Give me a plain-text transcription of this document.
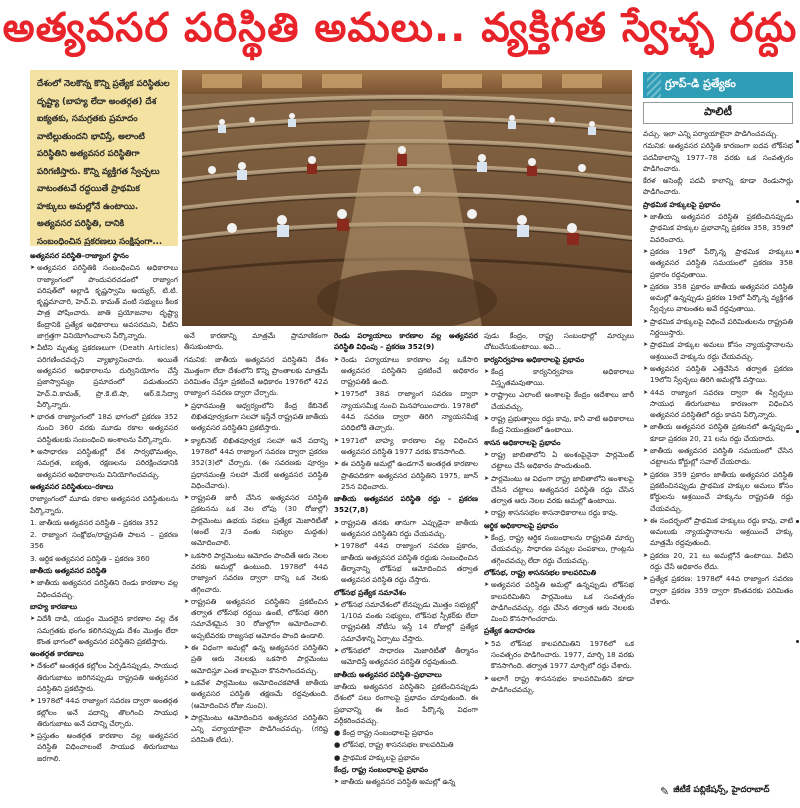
అత్యవసర పరిస్థితి అమలు.. వ్యక్తిగత స్వేచ్ఛ రద్దు
దేశంలో నెలకొన్న కొన్ని ప్రత్యేక పరిస్థితుల దృష్ట్యా (బాహ్య లేదా అంతర్గత) దేశ ఐక్యతకు, సమగ్రతకు ప్రమాదం వాటిల్లుతుందని భావిస్తే, అలాంటి పరిస్థితిని అత్యవసర పరిస్థితిగా పరిగణిస్తారు. కొన్ని వ్యక్తిగత స్వేచ్ఛలు వాటంతటవే రద్దయితే ప్రాథమిక హక్కులు అమల్లోనే ఉంటాయి. అత్యవసర పరిస్థితి, దానికి సంబంధించిన ప్రకరణలు సంక్షిప్తంగా...
గ్రూప్‌-డి ప్రత్యేకం
పాలిటీ

అత్యవసర పరిస్థితి–రాజ్యాంగ స్థానం

➤ అత్యవసర పరిస్థితికి సంబంధించిన అధికారాలు రాజ్యాంగంలో పొందుపరచడంలో రాజ్యాంగ పరిషత్‌లో అల్లాడి కృష్ణస్వామి అయ్యర్‌, టి.టి. కృష్ణమాచారి, హెచ్‌.వి. కామత్‌ వంటి సభ్యులు కీలక పాత్ర పోషించారు. జాతి ప్రయోజనాల దృష్ట్యా కేంద్రానికి ప్రత్యేక అధికారాలు అవసరమని, వీటిని జాగ్రత్తగా వినియోగించాలని పేర్కొన్నారు.

➤ వీటిని మృత్యు ప్రకరణలుగా (Death Articles) పరిగణించవచ్చని వ్యాఖ్యానించారు. అయితే అత్యవసర అధికారాలను దుర్వినియోగం చేస్తే ప్రజాస్వామ్యం ప్రమాదంలో పడుతుందని హెచ్‌.వి.కామత్‌, ప్రొ.కె.టి.షా, ఆర్‌.కె.సిద్వా పేర్కొన్నారు.

➤ భారత రాజ్యాంగంలో 18వ భాగంలో ప్రకరణ 352 నుంచి 360 వరకు మూడు రకాల అత్యవసర పరిస్థితులకు సంబంధించి అంశాలను పేర్కొన్నారు.

➤ అసాధారణ పరిస్థితుల్లో దేశ సార్వభౌమత్వం, సమగ్రత, ఐక్యత, రక్షణలను పరిరక్షించడానికి అత్యవసర అధికారాలను వినియోగించవచ్చు.

అత్యవసర పరిస్థితులు–రకాలు

రాజ్యాంగంలో మూడు రకాల అత్యవసర పరిస్థితులను పేర్కొన్నారు.

1. జాతీయ అత్యవసర పరిస్థితి – ప్రకరణ 352

2. రాజ్యాంగ సంక్షోభం/రాష్ట్రపతి పాలన – ప్రకరణ 356

3. ఆర్థిక అత్యవసర పరిస్థితి – ప్రకరణ 360

జాతీయ అత్యవసర పరిస్థితి

➤ జాతీయ అత్యవసర పరిస్థితిని రెండు కారణాల వల్ల విధించవచ్చు.

బాహ్య కారణాలు

➤ విదేశీ దాడి, యుద్ధం మొదలైన కారణాల వల్ల దేశ సమగ్రతకు భంగం కలిగినప్పుడు దేశం మొత్తం లేదా కొంత భాగంలో అత్యవసర పరిస్థితిని ప్రకటిస్తారు.

అంతర్గత కారణాలు

➤ దేశంలో అంతర్గత కల్లోలం ఏర్పడినప్పుడు, సాయుధ తిరుగుబాటు జరిగినప్పుడు రాష్ట్రపతి అత్యవసర పరిస్థితిని ప్రకటిస్తారు.

➤ 1978లో 44వ రాజ్యాంగ సవరణ ద్వారా అంతర్గత కల్లోలం అనే పదాన్ని తొలగించి సాయుధ తిరుగుబాటు అనే పదాన్ని చేర్చారు.

➤ ప్రస్తుతం అంతర్గత కారణాల వల్ల అత్యవసర పరిస్థితి విధించాలంటే సాయుధ తిరుగుబాటు జరగాలి.

అనే కారణాన్ని మాత్రమే ప్రామాణికంగా తీసుకుంటారు.

గమనిక: జాతీయ అత్యవసర పరిస్థితిని దేశం మొత్తంగా లేదా దేశంలోని కొన్ని ప్రాంతాలకు మాత్రమే పరిమితం చేస్తూ ప్రకటించే అధికారం 1976లో 42వ రాజ్యాంగ సవరణ ద్వారా చేర్చారు.

➤ ప్రధానమంత్రి ఆధ్వర్యంలోని కేంద్ర కేబినెట్‌ లిఖితపూర్వకంగా సలహా ఇస్తేనే రాష్ట్రపతి జాతీయ అత్యవసర పరిస్థితిని ప్రకటిస్తారు.

➤ క్యాబినెట్‌ లిఖితపూర్వక సలహా అనే పదాన్ని 1978లో 44వ రాజ్యాంగ సవరణ ద్వారా ప్రకరణ 352(3)లో చేర్చారు. (ఈ సవరణకు పూర్వం ప్రధానమంత్రి సలహా మేరకే అత్యవసర పరిస్థితి విధించేవారు).

➤ రాష్ట్రపతి జారీ చేసిన అత్యవసర పరిస్థితి ప్రకటనను ఒక నెల లోపు (30 రోజుల్లో) పార్లమెంటు ఉభయ సభలు ప్రత్యేక మెజారిటీతో (అంటే 2/3 వంతు సభ్యుల మద్దతు) ఆమోదించాలి.

➤ ఒకసారి పార్లమెంటు ఆమోదం పొందితే ఆరు నెలల వరకు అమల్లో ఉంటుంది. 1978లో 44వ రాజ్యాంగ సవరణ ద్వారా దాన్ని ఒక నెలకు తగ్గించారు.

➤ రాష్ట్రపతి అత్యవసర పరిస్థితిని ప్రకటించిన తర్వాత లోక్‌సభ రద్దయి ఉంటే, లోక్‌సభ తిరిగి సమావేశమైన 30 రోజుల్లోగా ఆమోదించాలి. అప్పటివరకు రాజ్యసభ ఆమోదం పొంది ఉండాలి.

➤ ఈ విధంగా అమల్లో ఉన్న అత్యవసర పరిస్థితిని ప్రతి ఆరు నెలలకు ఒకసారి పార్లమెంటు ఆమోదిస్తూ ఎంత కాలమైనా కొనసాగించవచ్చు.

➤ ఒకవేళ పార్లమెంటు ఆమోదించకపోతే జాతీయ అత్యవసర పరిస్థితి తక్షణమే రద్దవుతుంది. (ఆమోదించిన రోజు నుంచి).

➤ పార్లమెంటు ఆమోదించిన అత్యవసర పరిస్థితిని ఎన్ని పర్యాయాలైనా పొడిగించవచ్చు. (గరిష్ట పరిమితి లేదు).

రెండు పర్యాయాలు కారణాల వల్ల అత్యవసర పరిస్థితి విధింపు – ప్రకరణ 352(9)

➤ రెండు పర్యాయాలు కారణాల వల్ల ఒకేసారి అత్యవసర పరిస్థితిని ప్రకటించే అధికారం రాష్ట్రపతికి ఉంది.

➤ 1975లో 38వ రాజ్యాంగ సవరణ ద్వారా న్యాయసమీక్ష నుంచి మినహాయించారు. 1978లో 44వ సవరణ ద్వారా తిరిగి న్యాయసమీక్ష పరిధిలోకి తెచ్చారు.

➤ 1971లో బాహ్య కారణాల వల్ల విధించిన అత్యవసర పరిస్థితి 1977 వరకు కొనసాగింది.

➤ ఈ పరిస్థితి అమల్లో ఉండగానే అంతర్గత కారణాల ప్రాతిపదికగా అత్యవసర పరిస్థితిని 1975, జూన్‌ 25న విధించారు.

జాతీయ అత్యవసర పరిస్థితి రద్దు – ప్రకరణ 352(7,8)

➤ రాష్ట్రపతి తనకు తానుగా ఎప్పుడైనా జాతీయ అత్యవసర పరిస్థితిని రద్దు చేయవచ్చు.

➤ 1978లో 44వ రాజ్యాంగ సవరణ ప్రకారం, జాతీయ అత్యవసర పరిస్థితి రద్దుకు సంబంధించిన తీర్మానాన్ని లోక్‌సభ ఆమోదించిన తర్వాత అత్యవసర పరిస్థితి రద్దు చేస్తారు.

లోక్‌సభ ప్రత్యేక సమావేశం

➤ లోక్‌సభ సమావేశంలో లేనప్పుడు మొత్తం సభ్యుల్లో 1/10వ వంతు సభ్యులు, లోక్‌సభ స్పీకర్‌కు లేదా రాష్ట్రపతికి నోటీసు ఇస్తే 14 రోజుల్లో ప్రత్యేక సమావేశాన్ని ఏర్పాటు చేస్తారు.

➤ లోక్‌సభలో సాధారణ మెజారిటీతో తీర్మానం ఆమోదిస్తే అత్యవసర పరిస్థితి రద్దవుతుంది.

జాతీయ అత్యవసర పరిస్థితి–ప్రభావాలు

జాతీయ అత్యవసర పరిస్థితిని ప్రకటించినప్పుడు దేశంలో పలు రంగాలపై ప్రభావం చూపుతుంది. ఈ ప్రభావాన్ని ఈ కింద పేర్కొన్న విధంగా వర్గీకరించవచ్చు.

● కేంద్ర రాష్ట్ర సంబంధాలపై ప్రభావం

● లోక్‌సభ, రాష్ట్ర శాసనసభల కాలపరిమితి

● ప్రాథమిక హక్కులపై ప్రభావం

కేంద్ర, రాష్ట్ర సంబంధాలపై ప్రభావం

➤ జాతీయ అత్యవసర పరిస్థితి అమల్లో ఉన్న

పుడు కేంద్రం, రాష్ట్ర సంబంధాల్లో మార్పులు చోటుచేసుకుంటాయి. అవి...

కార్యనిర్వహణ అధికారాలపై ప్రభావం

➤ కేంద్ర కార్యనిర్వహణ అధికారాలు విస్తృతమవుతాయి.

➤ రాష్ట్రాలు ఎలాంటి అంశాలపై కేంద్రం ఆదేశాలు జారీ చేయవచ్చు.

➤ రాష్ట్ర ప్రభుత్వాలు రద్దు కావు, కానీ వాటి అధికారాలు కేంద్ర నియంత్రణలో ఉంటాయి.

శాసన అధికారాలపై ప్రభావం

➤ రాష్ట్ర జాబితాలోని ఏ అంశంపైనైనా పార్లమెంట్‌ చట్టాలు చేసే అధికారం పొందుతుంది.

➤ పార్లమెంటు ఆ విధంగా రాష్ట్ర జాబితాలోని అంశాలపై చేసిన చట్టాలు అత్యవసర పరిస్థితి రద్దు చేసిన తర్వాత ఆరు నెలల వరకు అమల్లో ఉంటాయి.

➤ రాష్ట్ర శాసనసభల శాసనాధికారాలు రద్దు కావు.

ఆర్థిక అధికారాలపై ప్రభావం

➤ కేంద్ర, రాష్ట్ర ఆర్థిక సంబంధాలను రాష్ట్రపతి మార్పు చేయవచ్చు. సాధారణ పన్నుల పంపకాలు, గ్రాంట్లను తగ్గించవచ్చు లేదా రద్దు చేయవచ్చు.

లోక్‌సభ, రాష్ట్ర శాసనసభల కాలపరిమితి

➤ అత్యవసర పరిస్థితి అమల్లో ఉన్నప్పుడు లోక్‌సభ కాలపరిమితిని పార్లమెంటు ఒక సంవత్సరం పొడిగించవచ్చు. రద్దు చేసిన తర్వాత ఆరు నెలలకు మించి కొనసాగించరాదు.

ప్రత్యేక ఉదాహరణ

➤ 5వ లోక్‌సభ కాలపరిమితిని 1976లో ఒక సంవత్సరం పొడిగించారు. 1977, మార్చి 18 వరకు కొనసాగింది. తర్వాత 1977 మార్చిలో రద్దు చేశారు.

➤ అలాగే రాష్ట్ర శాసనసభల కాలపరిమితిని కూడా పొడిగించవచ్చు.

వచ్చు. ఇలా ఎన్ని పర్యాయాలైనా పొడిగించవచ్చు.

గమనిక: అత్యవసర పరిస్థితి కారణంగా ఐదవ లోక్‌సభ పదవీకాలాన్ని 1977–78 వరకు ఒక సంవత్సరం పొడిగించారు.

కేరళ అసెంబ్లీ పదవీ కాలాన్ని కూడా రెండుసార్లు పొడిగించారు.

ప్రాథమిక హక్కులపై ప్రభావం

➤ జాతీయ అత్యవసర పరిస్థితి ప్రకటించినప్పుడు ప్రాథమిక హక్కుల ప్రభావాన్ని ప్రకరణ 358, 359లో వివరించారు.

➤ ప్రకరణ 19లో పేర్కొన్న ప్రాథమిక హక్కులు అత్యవసర పరిస్థితి సమయంలో ప్రకరణ 358 ప్రకారం రద్దవుతాయి.

➤ ప్రకరణ 358 ప్రకారం జాతీయ అత్యవసర పరిస్థితి అమల్లో ఉన్నప్పుడు ప్రకరణ 19లో పేర్కొన్న వ్యక్తిగత స్వేచ్ఛలు వాటంతట అవే రద్దవుతాయి.

➤ ప్రాథమిక హక్కులపై విధించే పరిమితులను రాష్ట్రపతి నిర్ణయిస్తారు.

➤ ప్రాథమిక హక్కుల అమలు కోసం న్యాయస్థానాలను ఆశ్రయించే హక్కును రద్దు చేయవచ్చు.

➤ అత్యవసర పరిస్థితి ఎత్తివేసిన తర్వాత ప్రకరణ 19లోని స్వేచ్ఛలు తిరిగి అమల్లోకి వస్తాయి.

➤ 44వ రాజ్యాంగ సవరణ ద్వారా ఈ స్వేచ్ఛలు సాయుధ తిరుగుబాటు కారణంగా విధించిన అత్యవసర పరిస్థితిలో రద్దు కావని పేర్కొన్నారు.

➤ జాతీయ అత్యవసర పరిస్థితి ప్రకటనలో ఉన్నప్పుడు కూడా ప్రకరణ 20, 21 లను రద్దు చేయరాదు.

➤ జాతీయ అత్యవసర పరిస్థితి సమయంలో చేసిన చట్టాలను కోర్టుల్లో సవాల్‌ చేయరాదు.

➤ ప్రకరణ 359 ప్రకారం జాతీయ అత్యవసర పరిస్థితి ప్రకటించినప్పుడు ప్రాథమిక హక్కుల అమలు కోసం కోర్టులను ఆశ్రయించే హక్కును రాష్ట్రపతి రద్దు చేయవచ్చు.

➤ ఈ సందర్భంలో ప్రాథమిక హక్కులు రద్దు కావు, వాటి అమలుకు న్యాయస్థానాలను ఆశ్రయించే హక్కు మాత్రమే రద్దవుతుంది.

➤ ప్రకరణ 20, 21 లు అమల్లోనే ఉంటాయి. వీటిని రద్దు చేసే అధికారం లేదు.

➤ ప్రత్యేక ప్రకరణ: 1978లో 44వ రాజ్యాంగ సవరణ ద్వారా ప్రకరణ 359 ద్వారా కొంతవరకు పరిమితం చేశారు.

✎ జీటీకే పబ్లికేషన్స్‌, హైదరాబాద్‌
